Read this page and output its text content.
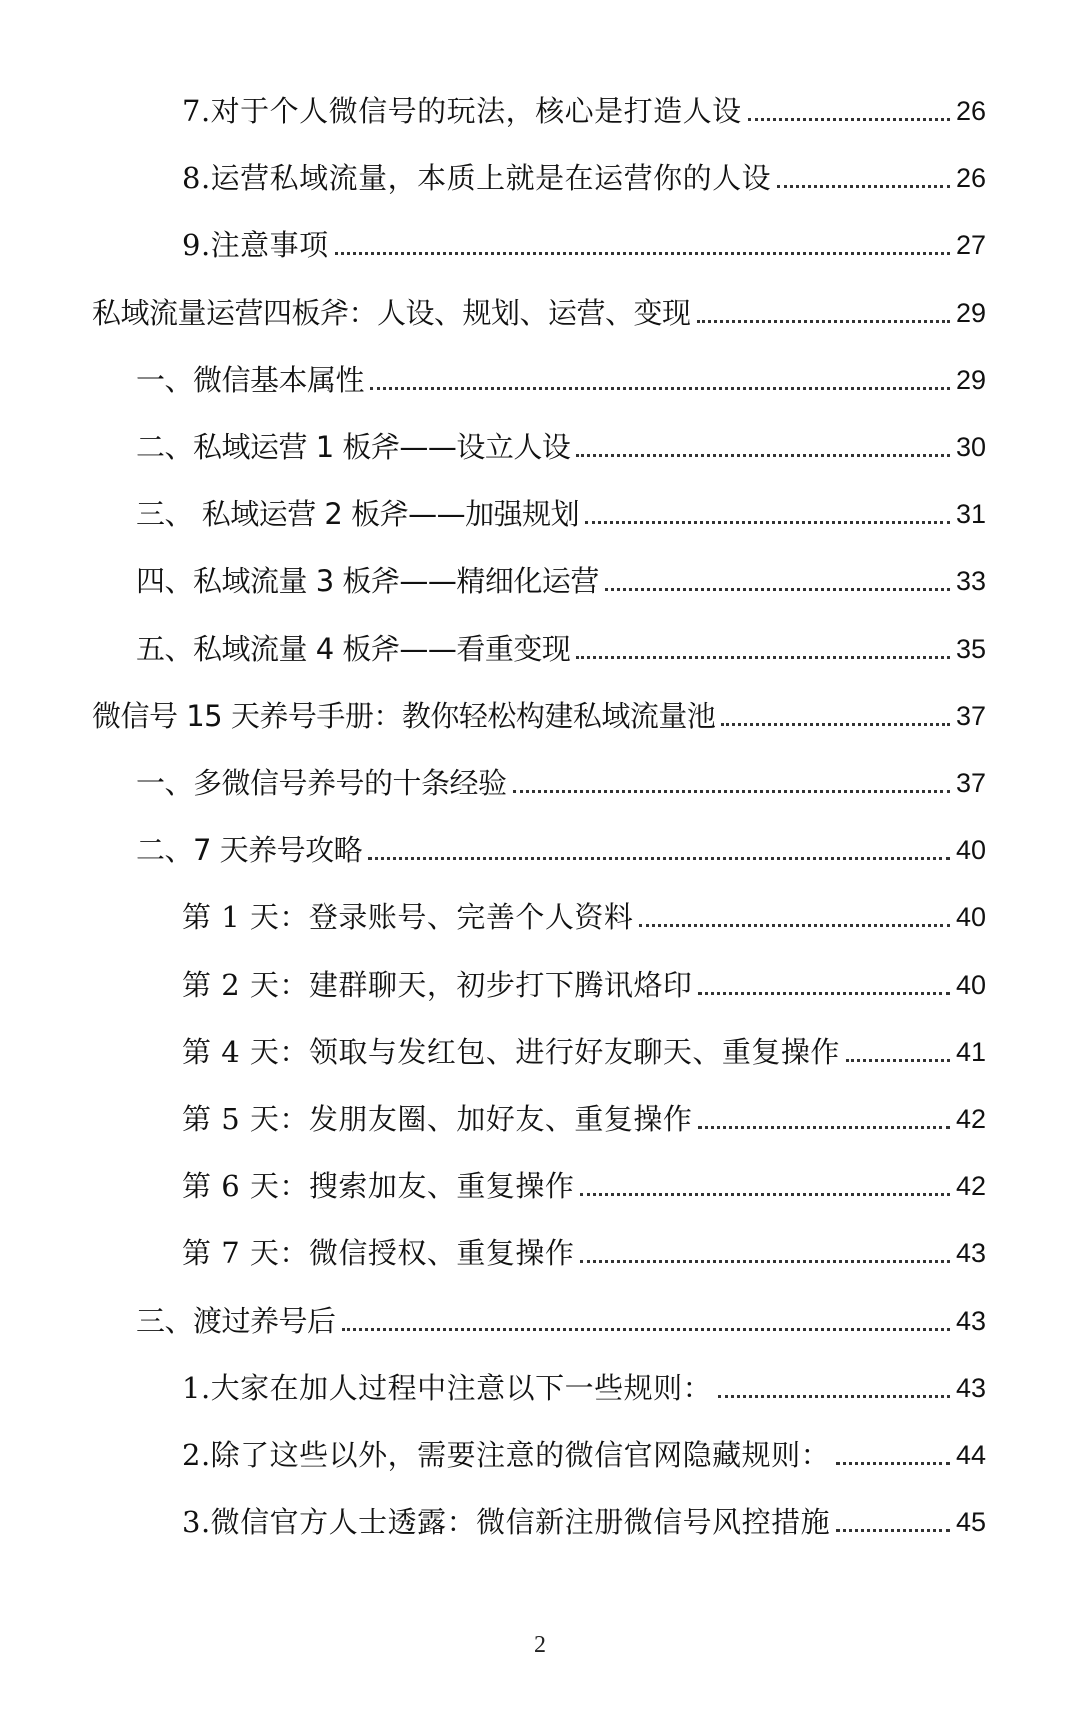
7.对于个人微信号的玩法，核心是打造人设	26
8.运营私域流量，本质上就是在运营你的人设	26
9.注意事项	27
私域流量运营四板斧：人设、规划、运营、变现	29
一、微信基本属性	29
二、私域运营 1 板斧——设立人设	30
三、 私域运营 2 板斧——加强规划	31
四、私域流量 3 板斧——精细化运营	33
五、私域流量 4 板斧——看重变现	35
微信号 15 天养号手册：教你轻松构建私域流量池	37
一、多微信号养号的十条经验	37
二、7 天养号攻略	40
第 1 天：登录账号、完善个人资料	40
第 2 天：建群聊天，初步打下腾讯烙印	40
第 4 天：领取与发红包、进行好友聊天、重复操作	41
第 5 天：发朋友圈、加好友、重复操作	42
第 6 天：搜索加友、重复操作	42
第 7 天：微信授权、重复操作	43
三、渡过养号后	43
1.大家在加人过程中注意以下一些规则：	43
2.除了这些以外，需要注意的微信官网隐藏规则：	44
3.微信官方人士透露：微信新注册微信号风控措施	45
2
